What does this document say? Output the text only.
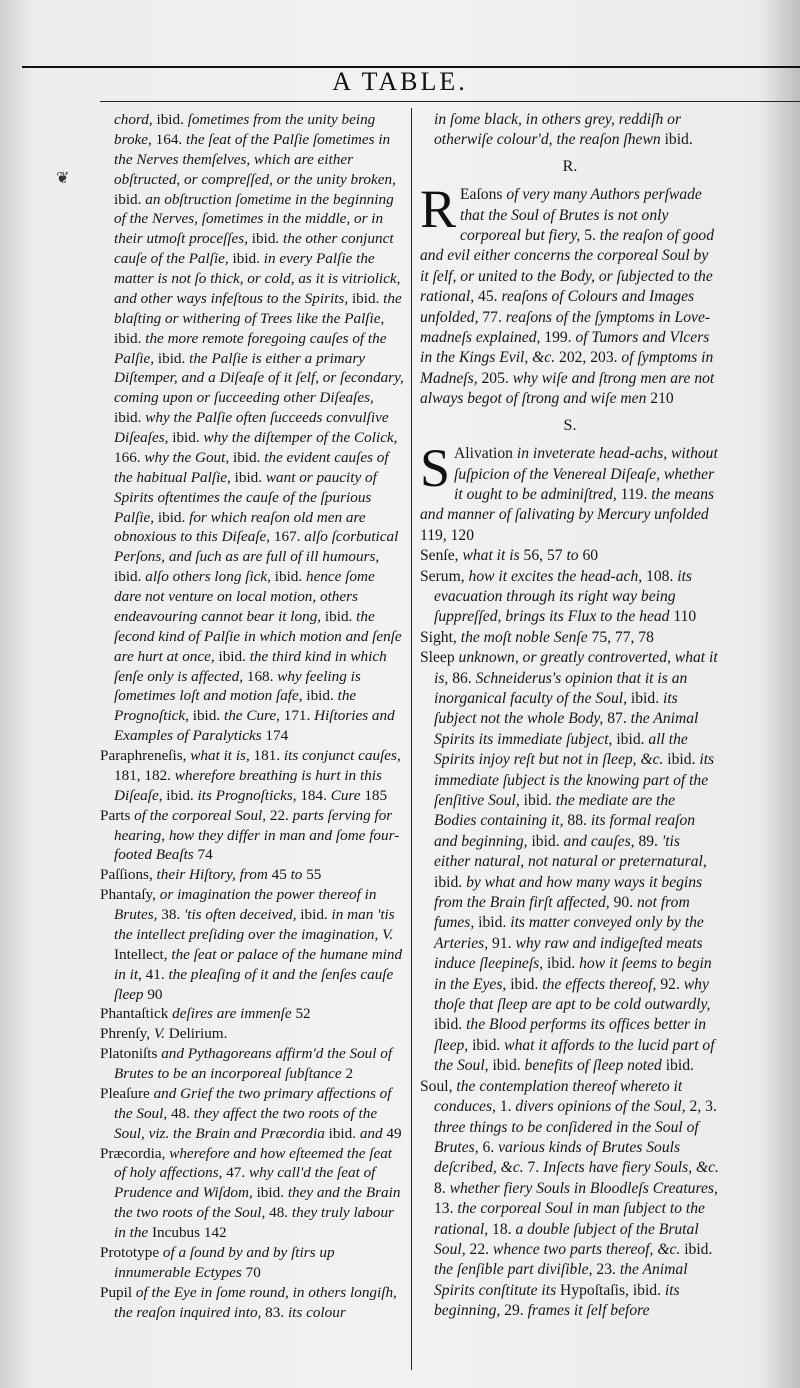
A TABLE.
❦

chord, ibid. ſometimes from the unity being broke, 164. the ſeat of the Palſie ſometimes in the Nerves themſelves, which are either obſtructed, or compreſſed, or the unity broken, ibid. an obſtruction ſometime in the beginning of the Nerves, ſometimes in the middle, or in their utmoſt proceſſes, ibid. the other conjunct cauſe of the Palſie, ibid. in every Palſie the matter is not ſo thick, or cold, as it is vitriolick, and other ways infeſtous to the Spirits, ibid. the blaſting or withering of Trees like the Palſie, ibid. the more remote foregoing cauſes of the Palſie, ibid. the Palſie is either a primary Diſtemper, and a Diſeaſe of it ſelf, or ſecondary, coming upon or ſucceeding other Diſeaſes, ibid. why the Palſie often ſucceeds convulſive Diſeaſes, ibid. why the diſtemper of the Colick, 166. why the Gout, ibid. the evident cauſes of the habitual Palſie, ibid. want or paucity of Spirits oftentimes the cauſe of the ſpurious Palſie, ibid. for which reaſon old men are obnoxious to this Diſeaſe, 167. alſo ſcorbutical Perſons, and ſuch as are full of ill humours, ibid. alſo others long ſick, ibid. hence ſome dare not venture on local motion, others endeavouring cannot bear it long, ibid. the ſecond kind of Palſie in which motion and ſenſe are hurt at once, ibid. the third kind in which ſenſe only is affected, 168. why feeling is ſometimes loſt and motion ſafe, ibid. the Prognoſtick, ibid. the Cure, 171. Hiſtories and Examples of Paralyticks 174

Paraphreneſis, what it is, 181. its conjunct cauſes, 181, 182. wherefore breathing is hurt in this Diſeaſe, ibid. its Prognoſticks, 184. Cure 185

Parts of the corporeal Soul, 22. parts ſerving for hearing, how they differ in man and ſome four-footed Beaſts 74

Paſſions, their Hiſtory, from 45 to 55

Phantaſy, or imagination the power thereof in Brutes, 38. 'tis often deceived, ibid. in man 'tis the intellect preſiding over the imagination, V. Intellect, the ſeat or palace of the humane mind in it, 41. the pleaſing of it and the ſenſes cauſe ſleep 90

Phantaſtick deſires are immenſe 52

Phrenſy, V. Delirium.

Platoniſts and Pythagoreans affirm'd the Soul of Brutes to be an incorporeal ſubſtance 2

Pleaſure and Grief the two primary affections of the Soul, 48. they affect the two roots of the Soul, viz. the Brain and Præcordia ibid. and 49

Præcordia, wherefore and how eſteemed the ſeat of holy affections, 47. why call'd the ſeat of Prudence and Wiſdom, ibid. they and the Brain the two roots of the Soul, 48. they truly labour in the Incubus 142

Prototype of a ſound by and by ſtirs up innumerable Ectypes 70

Pupil of the Eye in ſome round, in others longiſh, the reaſon inquired into, 83. its colour

in ſome black, in others grey, reddiſh or otherwiſe colour'd, the reaſon ſhewn ibid.

R.

R Eaſons of very many Authors perſwade that the Soul of Brutes is not only corporeal but fiery, 5. the reaſon of good and evil either concerns the corporeal Soul by it ſelf, or united to the Body, or ſubjected to the rational, 45. reaſons of Colours and Images unfolded, 77. reaſons of the ſymptoms in Love-madneſs explained, 199. of Tumors and Vlcers in the Kings Evil, &c. 202, 203. of ſymptoms in Madneſs, 205. why wiſe and ſtrong men are not always begot of ſtrong and wiſe men 210

S.

S Alivation in inveterate head-achs, without ſuſpicion of the Venereal Diſeaſe, whether it ought to be adminiſtred, 119. the means and manner of ſalivating by Mercury unfolded 119, 120

Senſe, what it is 56, 57 to 60

Serum, how it excites the head-ach, 108. its evacuation through its right way being ſuppreſſed, brings its Flux to the head 110

Sight, the moſt noble Senſe 75, 77, 78

Sleep unknown, or greatly controverted, what it is, 86. Schneiderus's opinion that it is an inorganical faculty of the Soul, ibid. its ſubject not the whole Body, 87. the Animal Spirits its immediate ſubject, ibid. all the Spirits injoy reſt but not in ſleep, &c. ibid. its immediate ſubject is the knowing part of the ſenſitive Soul, ibid. the mediate are the Bodies containing it, 88. its formal reaſon and beginning, ibid. and cauſes, 89. 'tis either natural, not natural or preternatural, ibid. by what and how many ways it begins from the Brain firſt affected, 90. not from fumes, ibid. its matter conveyed only by the Arteries, 91. why raw and indigeſted meats induce ſleepineſs, ibid. how it ſeems to begin in the Eyes, ibid. the effects thereof, 92. why thoſe that ſleep are apt to be cold outwardly, ibid. the Blood performs its offices better in ſleep, ibid. what it affords to the lucid part of the Soul, ibid. benefits of ſleep noted ibid.

Soul, the contemplation thereof whereto it conduces, 1. divers opinions of the Soul, 2, 3. three things to be conſidered in the Soul of Brutes, 6. various kinds of Brutes Souls deſcribed, &c. 7. Inſects have fiery Souls, &c. 8. whether fiery Souls in Bloodleſs Creatures, 13. the corporeal Soul in man ſubject to the rational, 18. a double ſubject of the Brutal Soul, 22. whence two parts thereof, &c. ibid. the ſenſible part diviſible, 23. the Animal Spirits conſtitute its Hypoſtaſis, ibid. its beginning, 29. frames it ſelf before
